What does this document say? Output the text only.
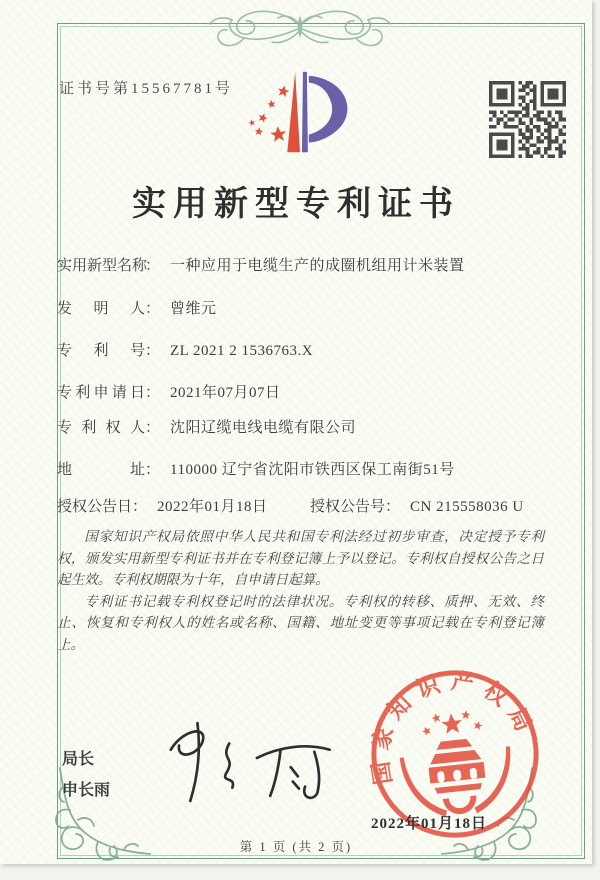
证书号第15567781号
实用新型专利证书
实用新型名称： 一种应用于电缆生产的成圈机组用计米装置
发明人： 曾维元
专利号： ZL 2021 2 1536763.X
专利申请日： 2021年07月07日
专利权人： 沈阳辽缆电线电缆有限公司
地址： 110000 辽宁省沈阳市铁西区保工南街51号
授权公告日： 2022年01月18日	授权公告号： CN 215558036 U

国家知识产权局依照中华人民共和国专利法经过初步审查，决定授予专利权，颁发实用新型专利证书并在专利登记簿上予以登记。专利权自授权公告之日起生效。专利权期限为十年，自申请日起算。

专利证书记载专利权登记时的法律状况。专利权的转移、质押、无效、终止、恢复和专利权人的姓名或名称、国籍、地址变更等事项记载在专利登记簿上。

局长
申长雨
国家知识产权局
2022年01月18日
第 1 页 (共 2 页)
